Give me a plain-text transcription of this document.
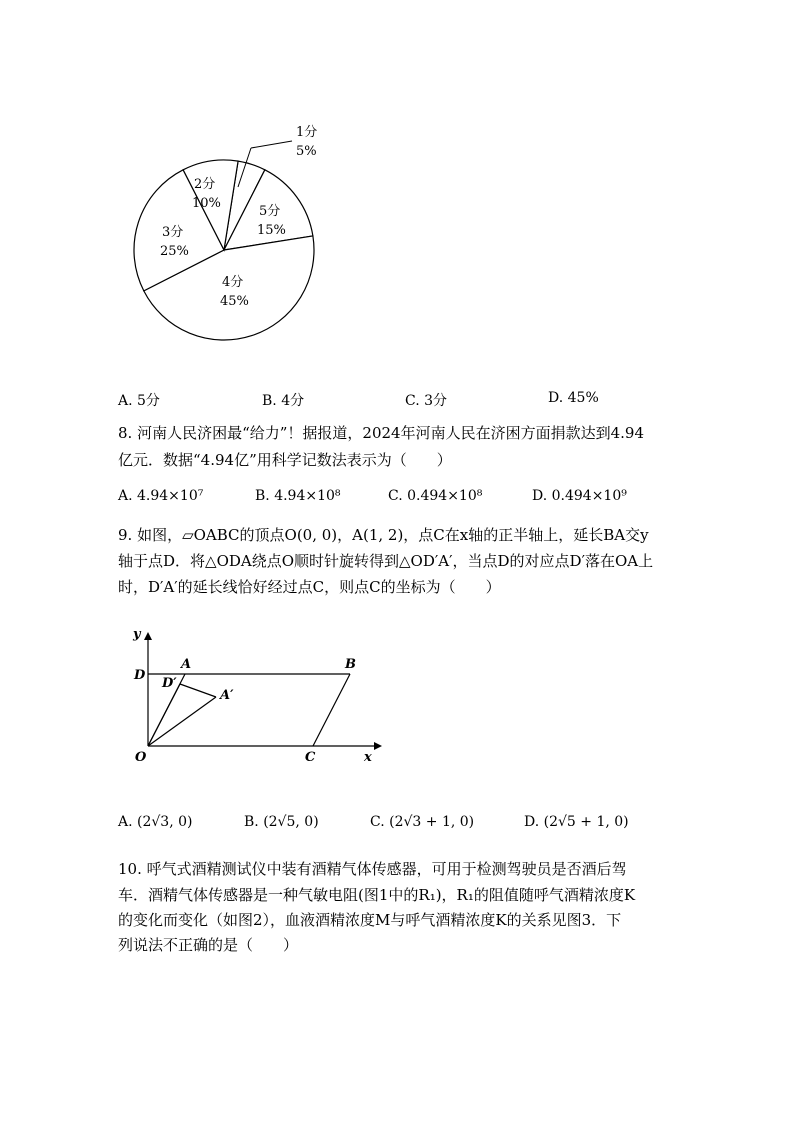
1分
5%
5分
15%
4分
45%
3分
25%
2分
10%
A. 5分	B. 4分	C. 3分	D. 45%
8. 河南人民济困最“给力”！据报道，2024年河南人民在济困方面捐款达到4.94
亿元．数据“4.94亿”用科学记数法表示为（　　）
A. 4.94×10⁷	B. 4.94×10⁸	C. 0.494×10⁸	D. 0.494×10⁹
9. 如图，▱OABC的顶点O(0, 0)，A(1, 2)，点C在x轴的正半轴上，延长BA交y
轴于点D．将△ODA绕点O顺时针旋转得到△OD′A′，当点D的对应点D′落在OA上
时，D′A′的延长线恰好经过点C，则点C的坐标为（　　）
y
D
A	B
D′
A′
O	C	x
A. (2√3, 0)	B. (2√5, 0)	C. (2√3 + 1, 0)	D. (2√5 + 1, 0)
10. 呼气式酒精测试仪中装有酒精气体传感器，可用于检测驾驶员是否酒后驾
车．酒精气体传感器是一种气敏电阻(图1中的R₁)，R₁的阻值随呼气酒精浓度K
的变化而变化（如图2），血液酒精浓度M与呼气酒精浓度K的关系见图3．下
列说法不正确的是（　　）
